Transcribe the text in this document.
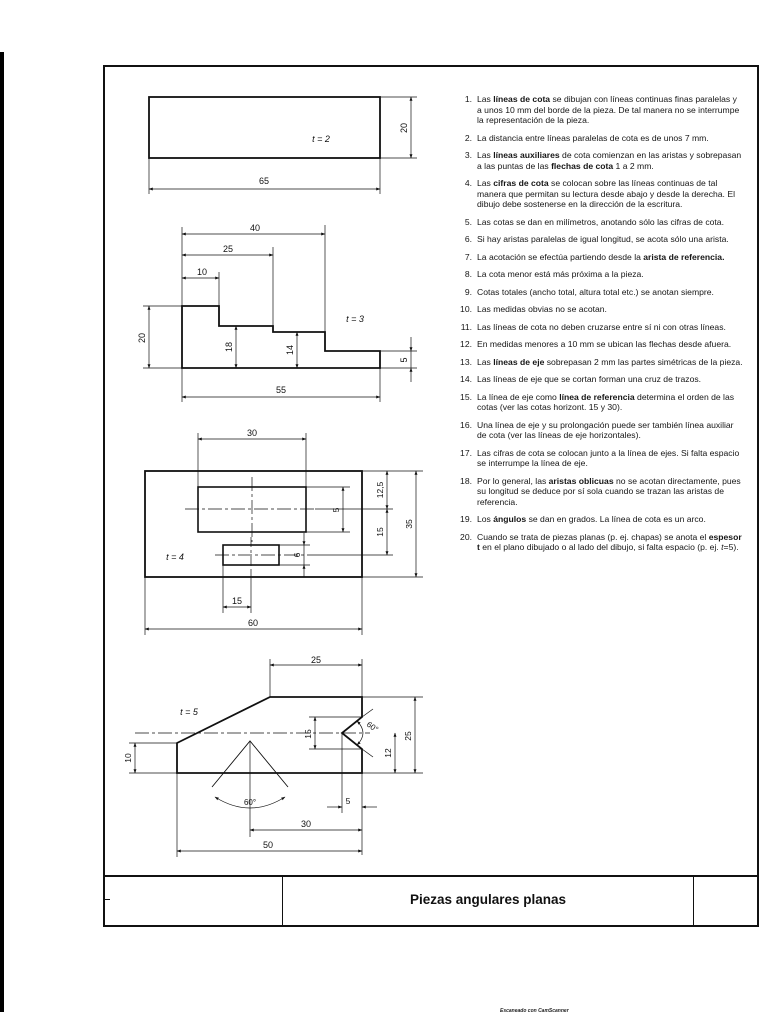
20
65
t = 2
40
25
10
20
18	14
5
55
t = 3
30
12,5
5
15
35
6
15
60
t = 4
25
15	25
12
10
5
30
50
60°
60°
t = 5
1. Las líneas de cota se dibujan con líneas continuas finas paralelas y a unos 10 mm del borde de la pieza. De tal manera no se interrumpe la representación de la pieza.
2. La distancia entre líneas paralelas de cota es de unos 7 mm.
3. Las líneas auxiliares de cota comienzan en las aristas y sobrepasan a las puntas de las flechas de cota 1 a 2 mm.
4. Las cifras de cota se colocan sobre las líneas continuas de tal manera que permitan su lectura desde abajo y desde la derecha. El dibujo debe sostenerse en la dirección de la escritura.
5. Las cotas se dan en milímetros, anotando sólo las cifras de cota.
6. Si hay aristas paralelas de igual longitud, se acota sólo una arista.
7. La acotación se efectúa partiendo desde la arista de referencia.
8. La cota menor está más próxima a la pieza.
9. Cotas totales (ancho total, altura total etc.) se anotan siempre.
10. Las medidas obvias no se acotan.
11. Las líneas de cota no deben cruzarse entre sí ni con otras líneas.
12. En medidas menores a 10 mm se ubican las flechas desde afuera.
13. Las líneas de eje sobrepasan 2 mm las partes simétricas de la pieza.
14. Las líneas de eje que se cortan forman una cruz de trazos.
15. La línea de eje como línea de referencia determina el orden de las cotas (ver las cotas horizont. 15 y 30).
16. Una línea de eje y su prolongación puede ser también línea auxiliar de cota (ver las líneas de eje horizontales).
17. Las cifras de cota se colocan junto a la línea de ejes. Si falta espacio se interrumpe la línea de eje.
18. Por lo general, las aristas oblicuas no se acotan directamente, pues su longitud se deduce por sí sola cuando se trazan las aristas de referencia.
19. Los ángulos se dan en grados. La línea de cota es un arco.
20. Cuando se trata de piezas planas (p. ej. chapas) se anota el espesor t en el plano dibujado o al lado del dibujo, si falta espacio (p. ej. t=5).
Piezas angulares planas
Escaneado con CamScanner
